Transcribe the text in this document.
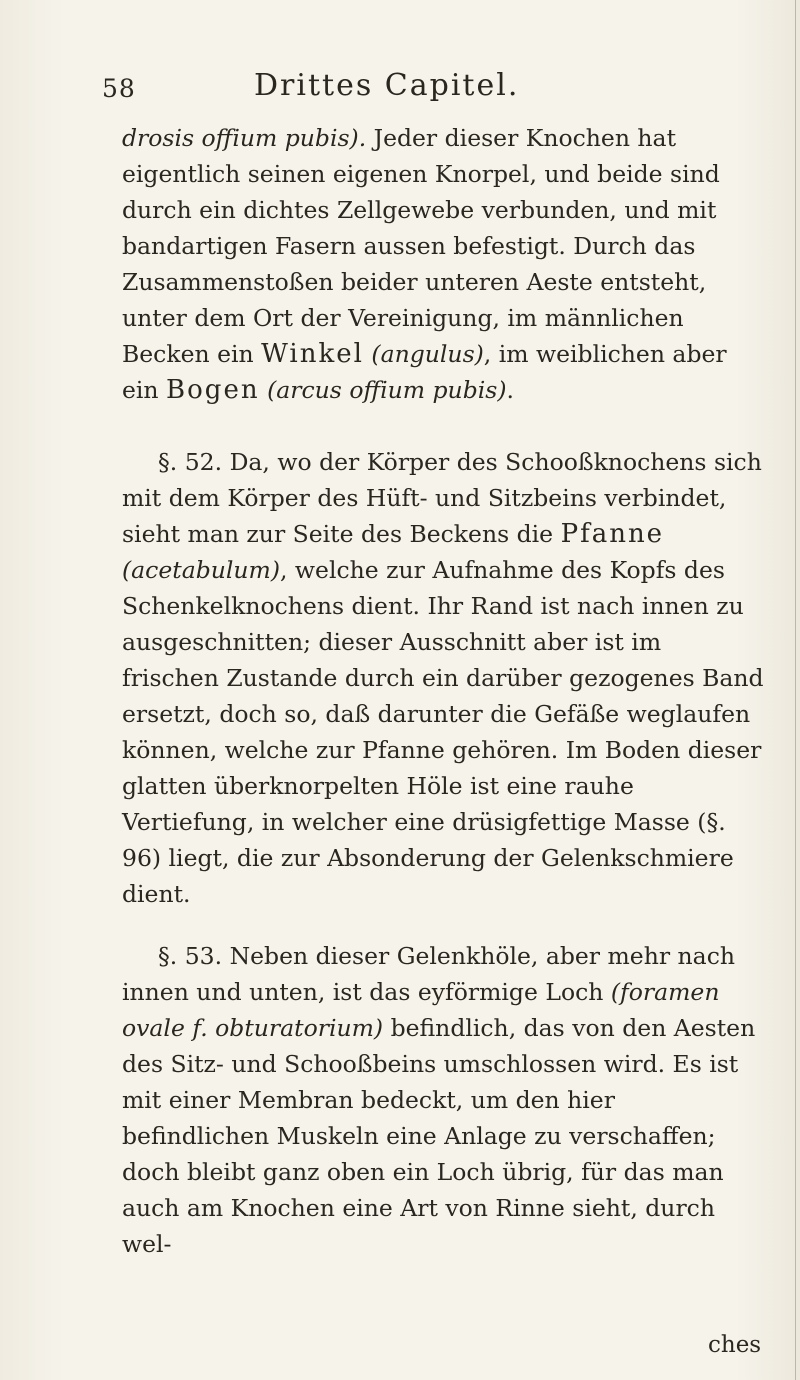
58	Drittes Capitel.

drosis offium pubis). Jeder dieser Knochen hat eigentlich seinen eigenen Knorpel, und beide sind durch ein dichtes Zellgewebe verbunden, und mit bandartigen Fasern aussen befestigt. Durch das Zusammenstoßen beider unteren Aeste entsteht, unter dem Ort der Vereinigung, im männlichen Becken ein Winkel (angulus), im weiblichen aber ein Bogen (arcus offium pubis).

§. 52. Da, wo der Körper des Schooßknochens sich mit dem Körper des Hüft- und Sitzbeins verbindet, sieht man zur Seite des Beckens die Pfanne (acetabulum), welche zur Aufnahme des Kopfs des Schenkelknochens dient. Ihr Rand ist nach innen zu ausgeschnitten; dieser Ausschnitt aber ist im frischen Zustande durch ein darüber gezogenes Band ersetzt, doch so, daß darunter die Gefäße weglaufen können, welche zur Pfanne gehören. Im Boden dieser glatten überknorpelten Höle ist eine rauhe Vertiefung, in welcher eine drüsigfettige Masse (§. 96) liegt, die zur Absonderung der Gelenkschmiere dient.

§. 53. Neben dieser Gelenkhöle, aber mehr nach innen und unten, ist das eyförmige Loch (foramen ovale f. obturatorium) befindlich, das von den Aesten des Sitz- und Schooßbeins umschlossen wird. Es ist mit einer Membran bedeckt, um den hier befindlichen Muskeln eine Anlage zu verschaffen; doch bleibt ganz oben ein Loch übrig, für das man auch am Knochen eine Art von Rinne sieht, durch wel-

ches
